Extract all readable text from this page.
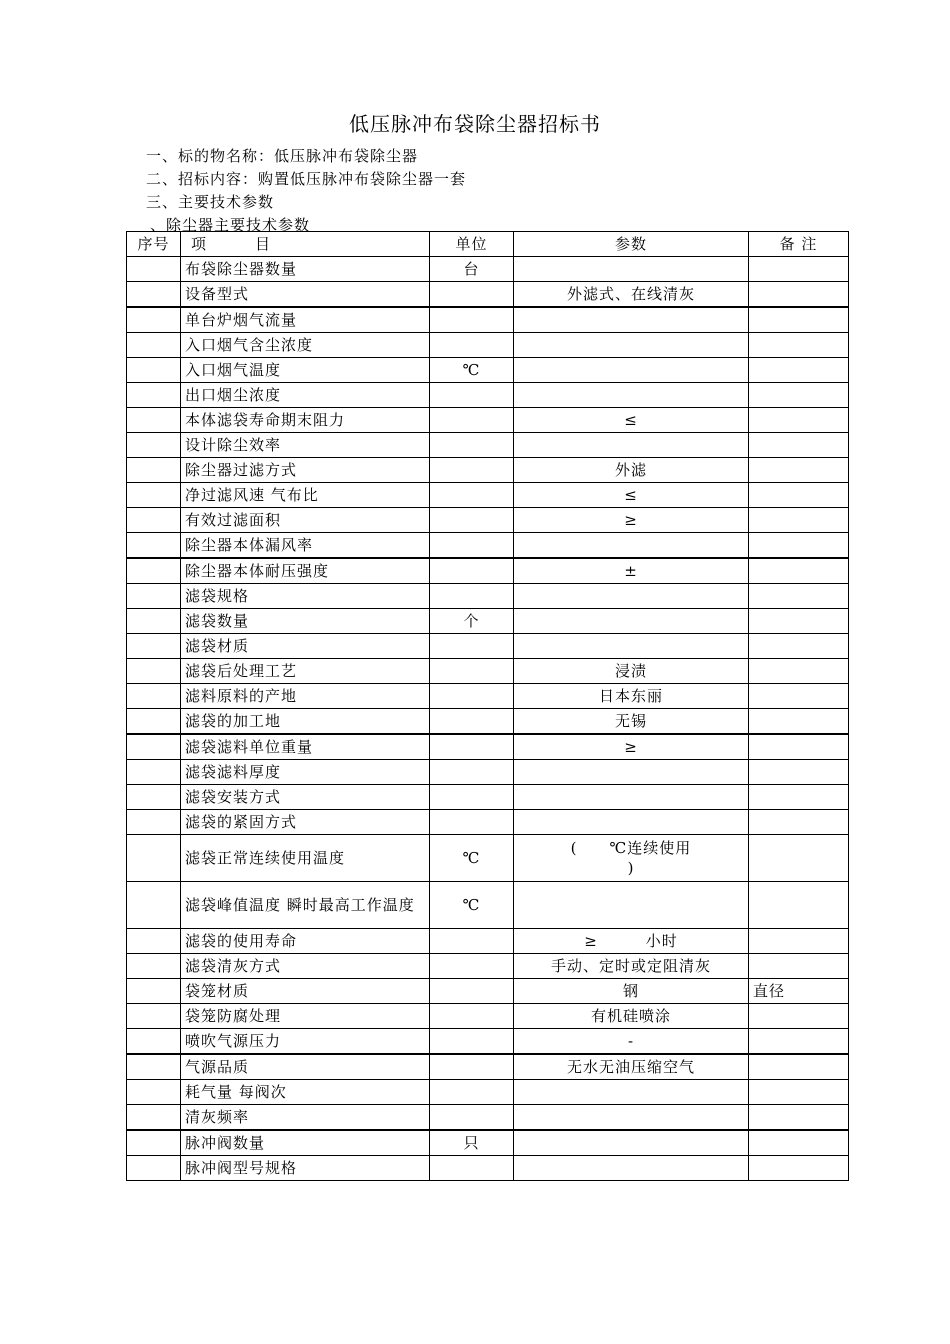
低压脉冲布袋除尘器招标书
一、标的物名称：低压脉冲布袋除尘器
二、招标内容：购置低压脉冲布袋除尘器一套
三、主要技术参数
、除尘器主要技术参数
序号	项　　　目	单位	参数	备 注
	布袋除尘器数量	台		
	设备型式		外滤式、在线清灰	
	单台炉烟气流量			
	入口烟气含尘浓度			
	入口烟气温度	℃		
	出口烟尘浓度			
	本体滤袋寿命期末阻力		≤	
	设计除尘效率			
	除尘器过滤方式		外滤	
	净过滤风速 气布比		≤	
	有效过滤面积		≥	
	除尘器本体漏风率			
	除尘器本体耐压强度		±	
	滤袋规格			
	滤袋数量	个		
	滤袋材质			
	滤袋后处理工艺		浸渍	
	滤料原料的产地		日本东丽	
	滤袋的加工地		无锡	
	滤袋滤料单位重量		≥	
	滤袋滤料厚度			
	滤袋安装方式			
	滤袋的紧固方式			
	滤袋正常连续使用温度	℃	(　　℃连续使用
)	

	滤袋峰值温度 瞬时最高工作温度	℃		
	滤袋的使用寿命		≥　　　小时	
	滤袋清灰方式		手动、定时或定阻清灰	
	袋笼材质		钢	直径
	袋笼防腐处理		有机硅喷涂	
	喷吹气源压力		-	
	气源品质		无水无油压缩空气	
	耗气量 每阀次			
	清灰频率			
	脉冲阀数量	只		
	脉冲阀型号规格			
